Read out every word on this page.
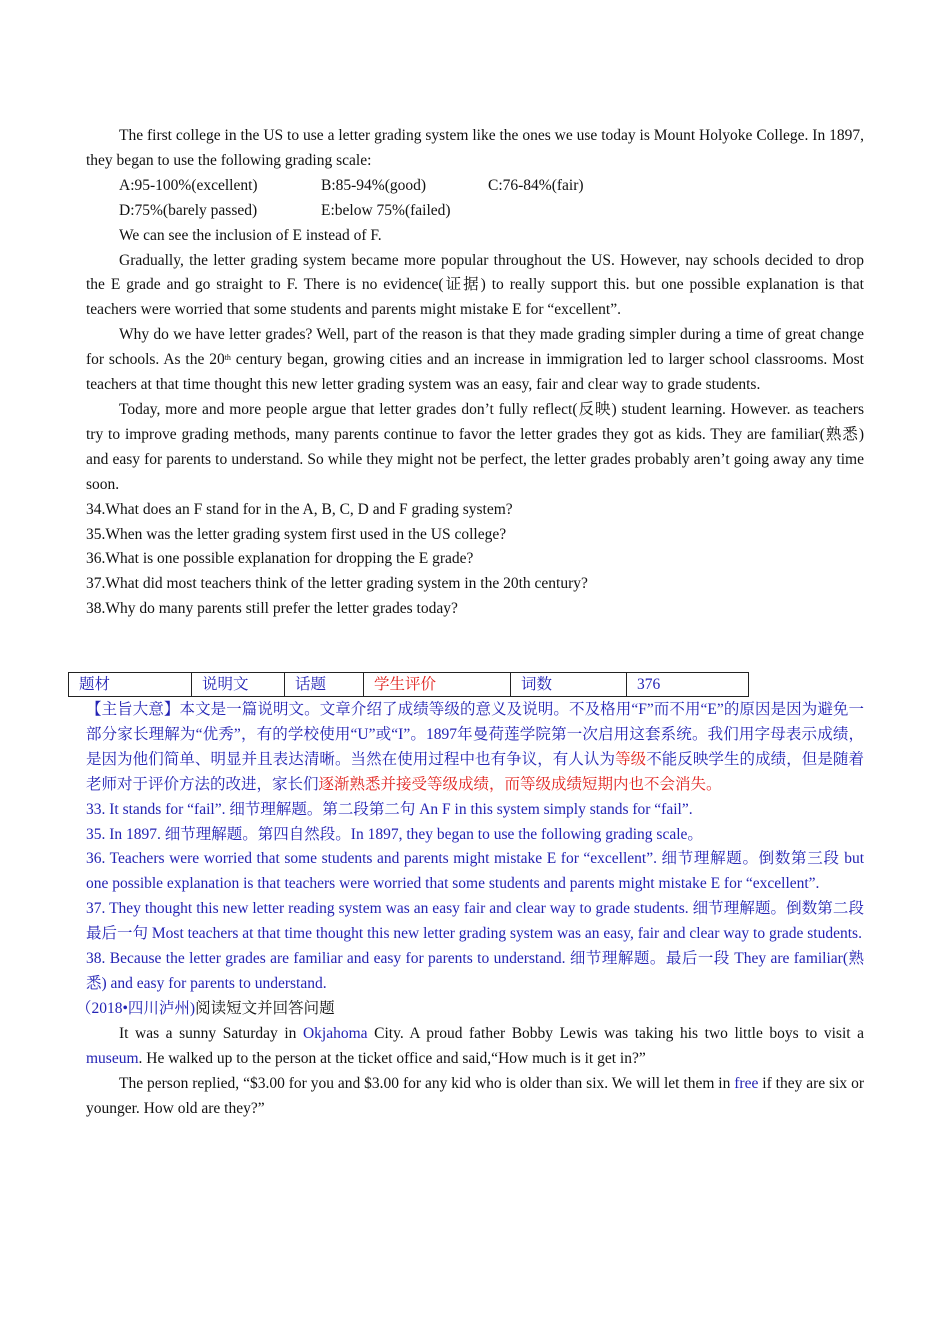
The first college in the US to use a letter grading system like the ones we use today is Mount Holyoke College. In 1897, they began to use the following grading scale:

A:95-100%(excellent)	B:85-94%(good)	C:76-84%(fair)
D:75%(barely passed)	E:below 75%(failed)

We can see the inclusion of E instead of F.

Gradually, the letter grading system became more popular throughout the US. However, nay schools decided to drop the E grade and go straight to F. There is no evidence(证据) to really support this. but one possible explanation is that teachers were worried that some students and parents might mistake E for “excellent”.

Why do we have letter grades? Well, part of the reason is that they made grading simpler during a time of great change for schools. As the 20th century began, growing cities and an increase in immigration led to larger school classrooms. Most teachers at that time thought this new letter grading system was an easy, fair and clear way to grade students.

Today, more and more people argue that letter grades don’t fully reflect(反映) student learning. However. as teachers try to improve grading methods, many parents continue to favor the letter grades they got as kids. They are familiar(熟悉) and easy for parents to understand. So while they might not be perfect, the letter grades probably aren’t going away any time soon.

34.What does an F stand for in the A, B, C, D and F grading system?

35.When was the letter grading system first used in the US college?

36.What is one possible explanation for dropping the E grade?

37.What did most teachers think of the letter grading system in the 20th century?

38.Why do many parents still prefer the letter grades today?

题材	说明文	话题	学生评价	词数	376

【主旨大意】本文是一篇说明文。文章介绍了成绩等级的意义及说明。不及格用“F”而不用“E”的原因是因为避免一部分家长理解为“优秀”，有的学校使用“U”或“I”。1897年曼荷莲学院第一次启用这套系统。我们用字母表示成绩，是因为他们简单、明显并且表达清晰。当然在使用过程中也有争议，有人认为等级不能反映学生的成绩，但是随着老师对于评价方法的改进，家长们逐渐熟悉并接受等级成绩，而等级成绩短期内也不会消失。

33. It stands for “fail”. 细节理解题。第二段第二句 An F in this system simply stands for “fail”.

35. In 1897. 细节理解题。第四自然段。In 1897, they began to use the following grading scale。

36. Teachers were worried that some students and parents might mistake E for “excellent”. 细节理解题。倒数第三段 but one possible explanation is that teachers were worried that some students and parents might mistake E for “excellent”.

37. They thought this new letter reading system was an easy fair and clear way to grade students. 细节理解题。倒数第二段最后一句 Most teachers at that time thought this new letter grading system was an easy, fair and clear way to grade students.

38. Because the letter grades are familiar and easy for parents to understand. 细节理解题。最后一段 They are familiar(熟悉) and easy for parents to understand.

（2018•四川泸州)阅读短文并回答问题

It was a sunny Saturday in Okjahoma City. A proud father Bobby Lewis was taking his two little boys to visit a museum. He walked up to the person at the ticket office and said,“How much is it get in?”

The person replied, “$3.00 for you and $3.00 for any kid who is older than six. We will let them in free if they are six or younger. How old are they?”
